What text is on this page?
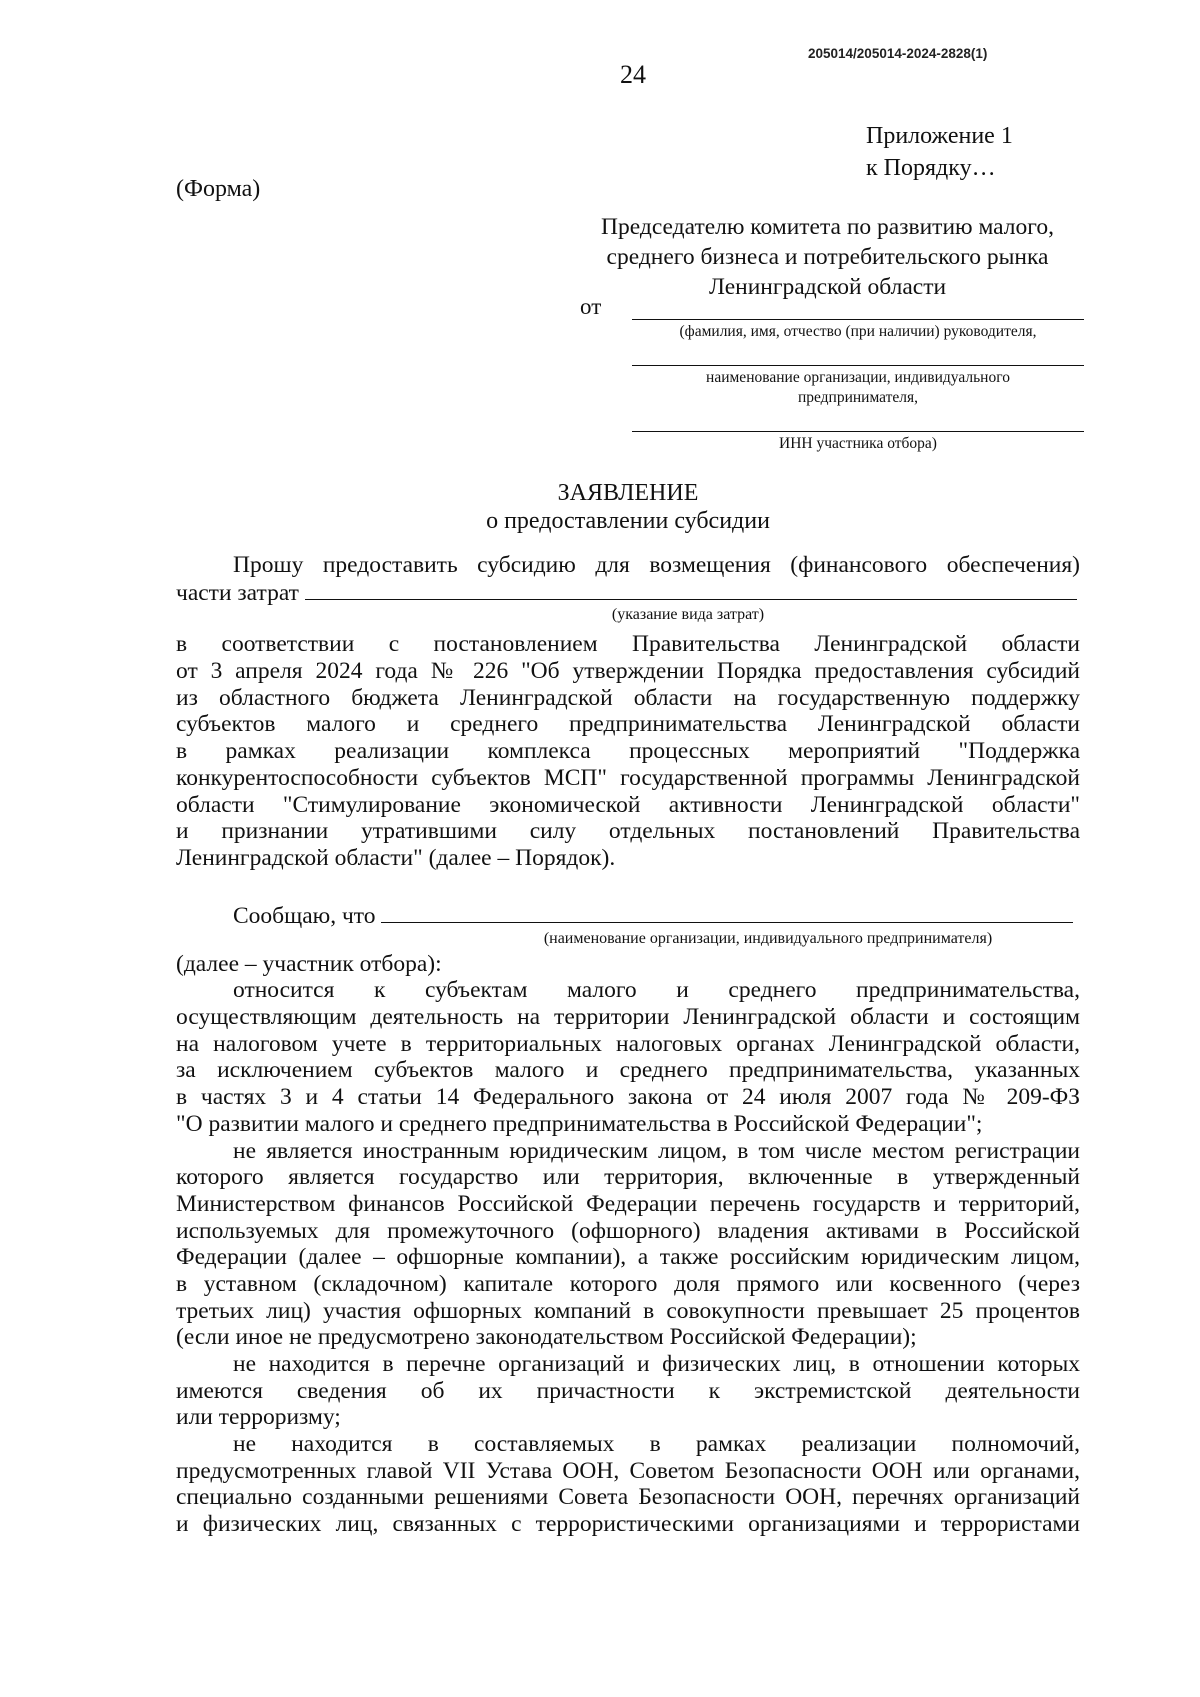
205014/205014-2024-2828(1)
24
Приложение 1
к Порядку…
(Форма)
Председателю комитета по развитию малого,
среднего бизнеса и потребительского рынка
Ленинградской области
от
(фамилия, имя, отчество (при наличии) руководителя,
наименование организации, индивидуального
предпринимателя,
ИНН участника отбора)
ЗАЯВЛЕНИЕ
о предоставлении субсидии
Прошу предоставить субсидию для возмещения (финансового обеспечения)
части затрат
(указание вида затрат)
в соответствии с постановлением Правительства Ленинградской области
от 3 апреля 2024 года № 226 "Об утверждении Порядка предоставления субсидий
из областного бюджета Ленинградской области на государственную поддержку
субъектов малого и среднего предпринимательства Ленинградской области
в рамках реализации комплекса процессных мероприятий "Поддержка
конкурентоспособности субъектов МСП" государственной программы Ленинградской
области "Стимулирование экономической активности Ленинградской области"
и признании утратившими силу отдельных постановлений Правительства
Ленинградской области" (далее – Порядок).
Сообщаю, что
(наименование организации, индивидуального предпринимателя)
(далее – участник отбора):
относится к субъектам малого и среднего предпринимательства,
осуществляющим деятельность на территории Ленинградской области и состоящим
на налоговом учете в территориальных налоговых органах Ленинградской области,
за исключением субъектов малого и среднего предпринимательства, указанных
в частях 3 и 4 статьи 14 Федерального закона от 24 июля 2007 года № 209-ФЗ
"О развитии малого и среднего предпринимательства в Российской Федерации";
не является иностранным юридическим лицом, в том числе местом регистрации
которого является государство или территория, включенные в утвержденный
Министерством финансов Российской Федерации перечень государств и территорий,
используемых для промежуточного (офшорного) владения активами в Российской
Федерации (далее – офшорные компании), а также российским юридическим лицом,
в уставном (складочном) капитале которого доля прямого или косвенного (через
третьих лиц) участия офшорных компаний в совокупности превышает 25 процентов
(если иное не предусмотрено законодательством Российской Федерации);
не находится в перечне организаций и физических лиц, в отношении которых
имеются сведения об их причастности к экстремистской деятельности
или терроризму;
не находится в составляемых в рамках реализации полномочий,
предусмотренных главой VII Устава ООН, Советом Безопасности ООН или органами,
специально созданными решениями Совета Безопасности ООН, перечнях организаций
и физических лиц, связанных с террористическими организациями и террористами
